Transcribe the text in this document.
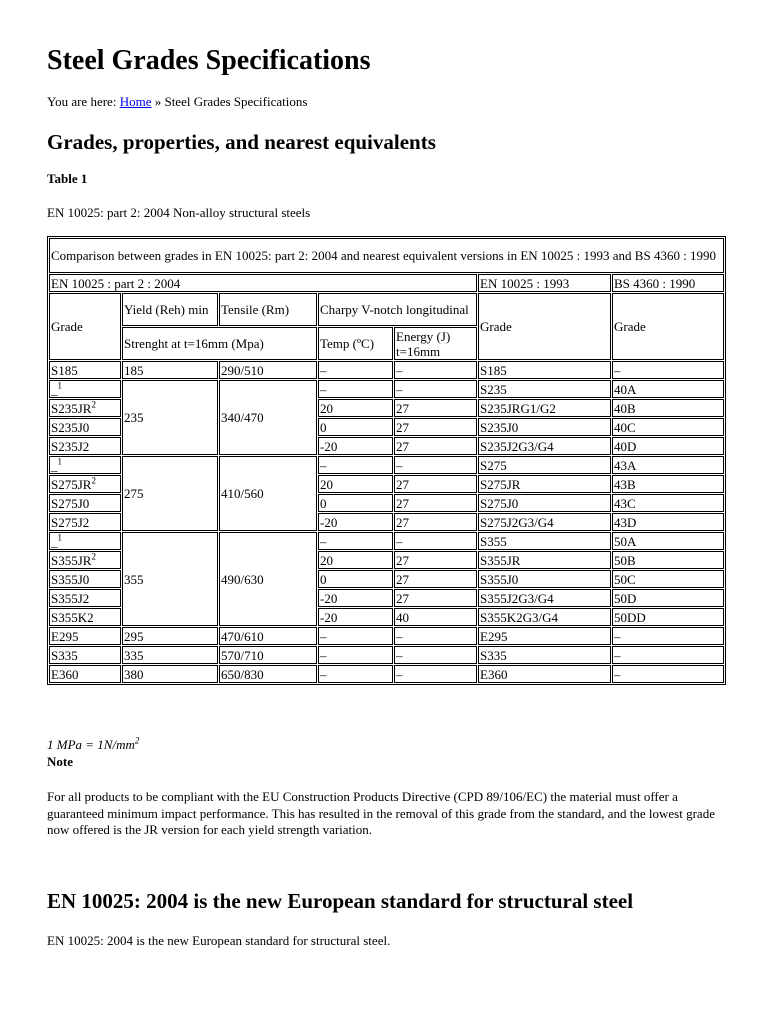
Steel Grades Specifications
You are here: Home » Steel Grades Specifications
Grades, properties, and nearest equivalents
Table 1
EN 10025: part 2: 2004 Non-alloy structural steels
Comparison between grades in EN 10025: part 2: 2004 and nearest equivalent versions in EN 10025 : 1993 and BS 4360 : 1990						
EN 10025 : part 2 : 2004					EN 10025 : 1993	BS 4360 : 1990
Grade	Yield (Reh) min	Tensile (Rm)	Charpy V-notch longitudinal		Grade	Grade
	Strenght at t=16mm (Mpa)		Temp (ºC)	Energy (J) t=16mm		
S185	185	290/510	–	–	S185	–
_$^1$	235	340/470	–	–	S235	40A
$S235JR^2$			20	27	S235JRG1/G2	40B
S235J0			0	27	S235J0	40C
S235J2			-20	27	S235J2G3/G4	40D
_$^1$	275	410/560	–	–	S275	43A
$S275JR^2$			20	27	S275JR	43B
S275J0			0	27	S275J0	43C
S275J2			-20	27	S275J2G3/G4	43D
_$^1$	355	490/630	–	–	S355	50A
$S355JR^2$			20	27	S355JR	50B
S355J0			0	27	S355J0	50C
S355J2			-20	27	S355J2G3/G4	50D
S355K2			-20	40	S355K2G3/G4	50DD
E295	295	470/610	–	–	E295	–
S335	335	570/710	–	–	S335	–
E360	380	650/830	–	–	E360	–
1 MPa = $1N/mm^2$
Note
For all products to be compliant with the EU Construction Products Directive (CPD 89/106/EC) the material must offer a guaranteed minimum impact performance. This has resulted in the removal of this grade from the standard, and the lowest grade now offered is the JR version for each yield strength variation.
EN 10025: 2004 is the new European standard for structural steel
EN 10025: 2004 is the new European standard for structural steel.
